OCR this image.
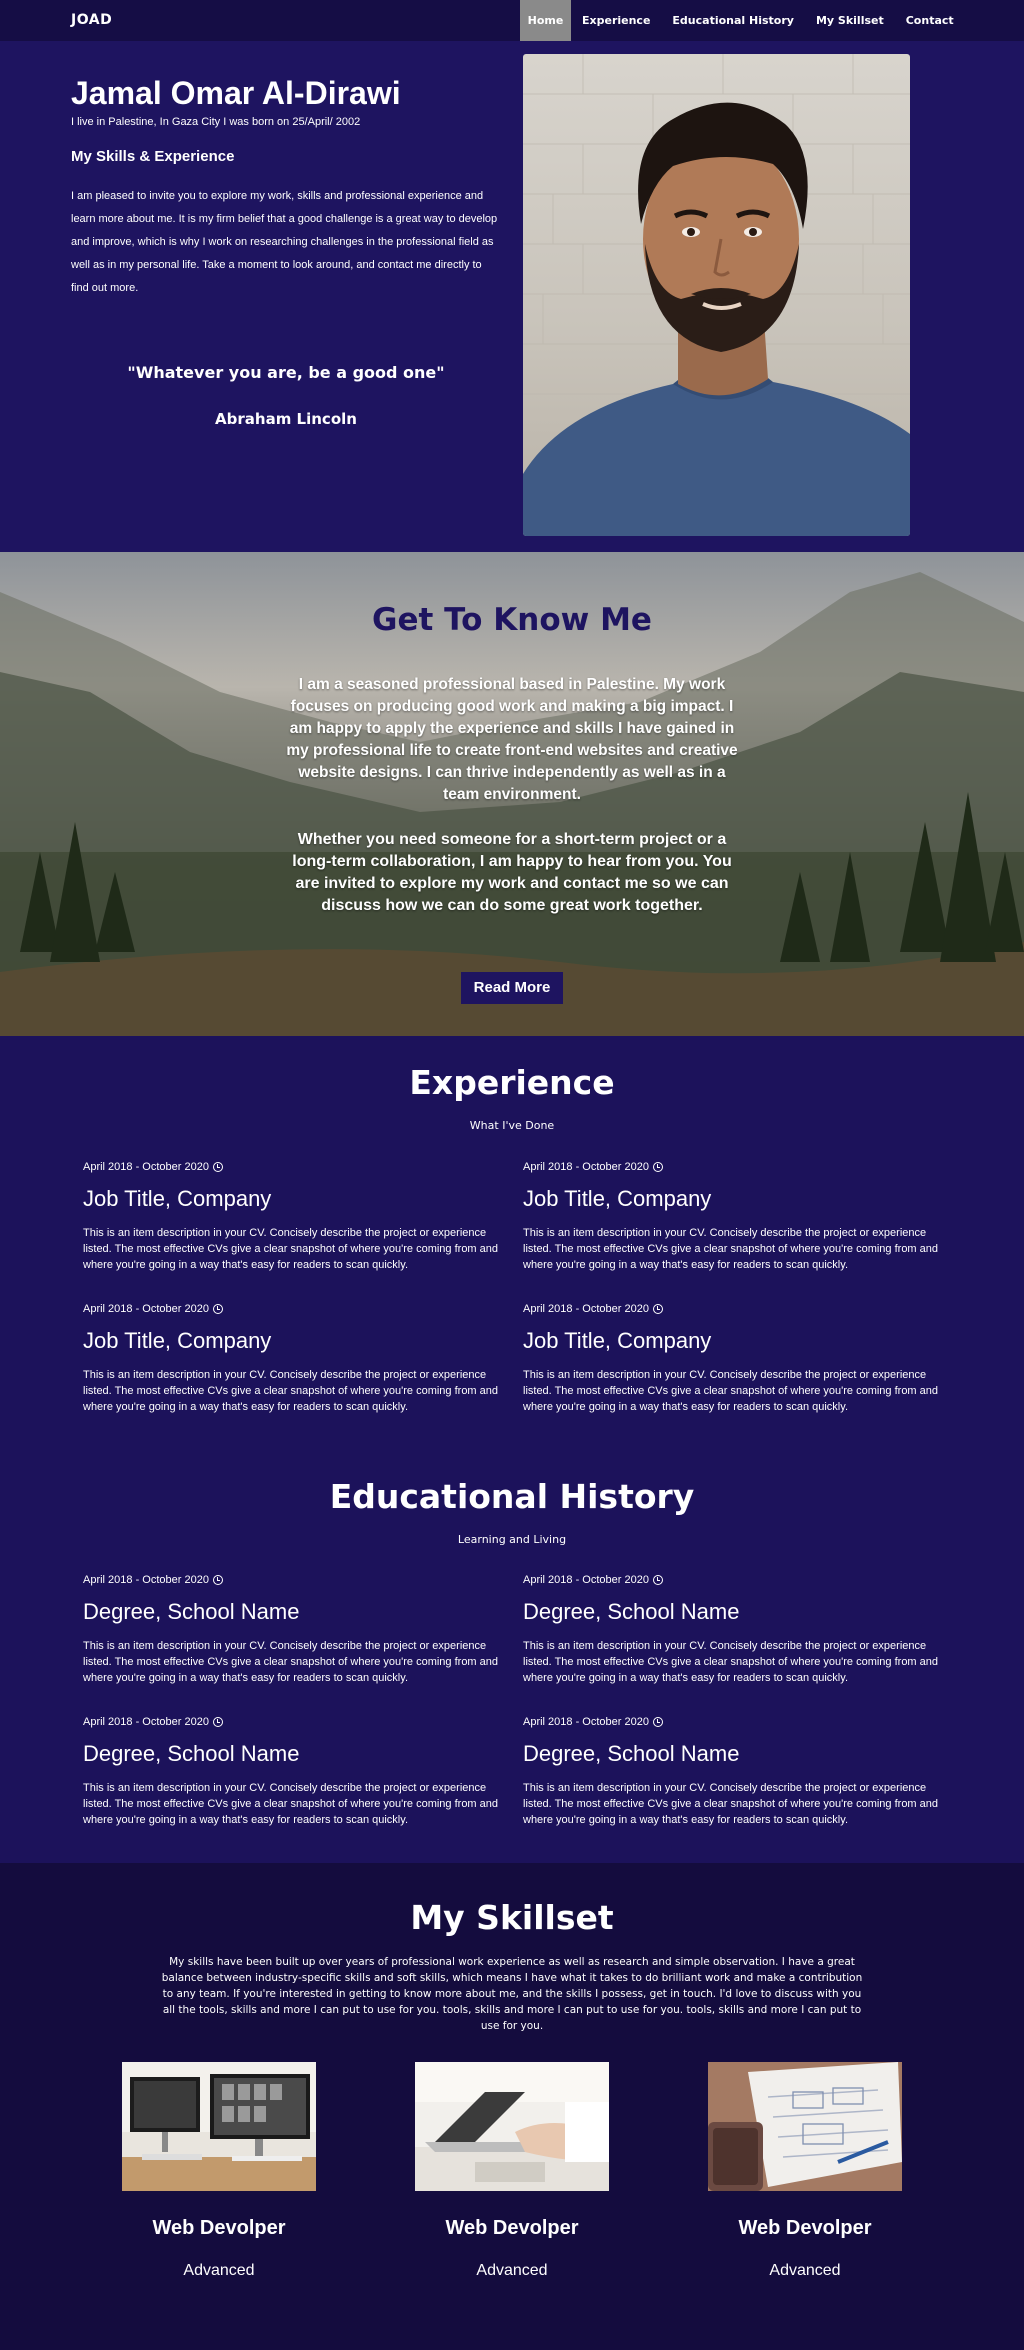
JOAD	Home	Experience	Educational History	My Skillset	Contact
Jamal Omar Al-Dirawi

I live in Palestine, In Gaza City I was born on 25/April/ 2002

My Skills & Experience

I am pleased to invite you to explore my work, skills and professional experience and learn more about me. It is my firm belief that a good challenge is a great way to develop and improve, which is why I work on researching challenges in the professional field as well as in my personal life. Take a moment to look around, and contact me directly to find out more.

"Whatever you are, be a good one"

Abraham Lincoln

Get To Know Me

I am a seasoned professional based in Palestine. My work focuses on producing good work and making a big impact. I am happy to apply the experience and skills I have gained in my professional life to create front-end websites and creative website designs. I can thrive independently as well as in a team environment.

Whether you need someone for a short-term project or a long-term collaboration, I am happy to hear from you. You are invited to explore my work and contact me so we can discuss how we can do some great work together.

Read More
Experience

What I've Done

April 2018 - October 2020
Job Title, Company
This is an item description in your CV. Concisely describe the project or experience listed. The most effective CVs give a clear snapshot of where you're coming from and where you're going in a way that's easy for readers to scan quickly.
April 2018 - October 2020
Job Title, Company
This is an item description in your CV. Concisely describe the project or experience listed. The most effective CVs give a clear snapshot of where you're coming from and where you're going in a way that's easy for readers to scan quickly.
April 2018 - October 2020
Job Title, Company
This is an item description in your CV. Concisely describe the project or experience listed. The most effective CVs give a clear snapshot of where you're coming from and where you're going in a way that's easy for readers to scan quickly.
April 2018 - October 2020
Job Title, Company
This is an item description in your CV. Concisely describe the project or experience listed. The most effective CVs give a clear snapshot of where you're coming from and where you're going in a way that's easy for readers to scan quickly.
Educational History

Learning and Living

April 2018 - October 2020
Degree, School Name
This is an item description in your CV. Concisely describe the project or experience listed. The most effective CVs give a clear snapshot of where you're coming from and where you're going in a way that's easy for readers to scan quickly.
April 2018 - October 2020
Degree, School Name
This is an item description in your CV. Concisely describe the project or experience listed. The most effective CVs give a clear snapshot of where you're coming from and where you're going in a way that's easy for readers to scan quickly.
April 2018 - October 2020
Degree, School Name
This is an item description in your CV. Concisely describe the project or experience listed. The most effective CVs give a clear snapshot of where you're coming from and where you're going in a way that's easy for readers to scan quickly.
April 2018 - October 2020
Degree, School Name
This is an item description in your CV. Concisely describe the project or experience listed. The most effective CVs give a clear snapshot of where you're coming from and where you're going in a way that's easy for readers to scan quickly.
My Skillset

My skills have been built up over years of professional work experience as well as research and simple observation. I have a great balance between industry-specific skills and soft skills, which means I have what it takes to do brilliant work and make a contribution to any team. If you're interested in getting to know more about me, and the skills I possess, get in touch. I'd love to discuss with you all the tools, skills and more I can put to use for you. tools, skills and more I can put to use for you. tools, skills and more I can put to use for you.

Web Devolper
Advanced
Web Devolper
Advanced
Web Devolper
Advanced
